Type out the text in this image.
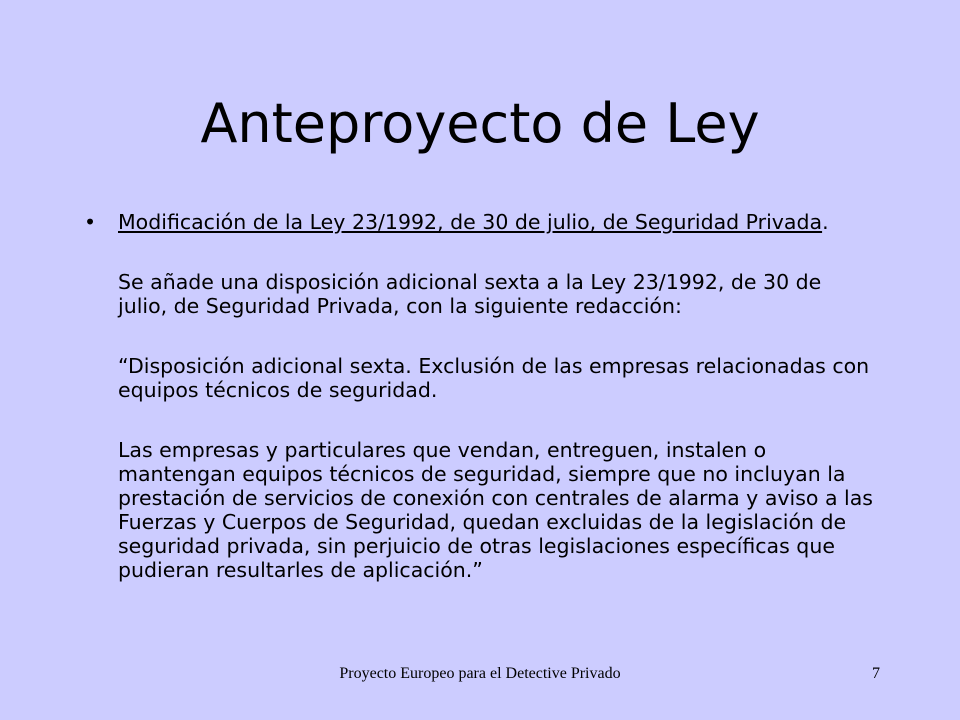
Anteproyecto de Ley

• Modificación de la Ley 23/1992, de 30 de julio, de Seguridad Privada.

Se añade una disposición adicional sexta a la Ley 23/1992, de 30 de julio, de Seguridad Privada, con la siguiente redacción:

“Disposición adicional sexta. Exclusión de las empresas relacionadas con equipos técnicos de seguridad.

Las empresas y particulares que vendan, entreguen, instalen o mantengan equipos técnicos de seguridad, siempre que no incluyan la prestación de servicios de conexión con centrales de alarma y aviso a las Fuerzas y Cuerpos de Seguridad, quedan excluidas de la legislación de seguridad privada, sin perjuicio de otras legislaciones específicas que pudieran resultarles de aplicación.”

Proyecto Europeo para el Detective Privado	7
